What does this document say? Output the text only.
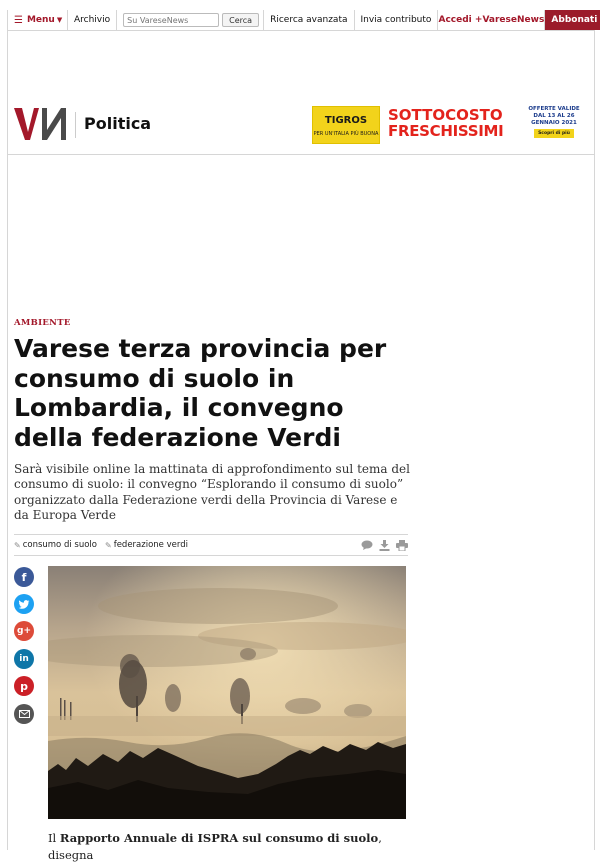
☰ Menu ▼	Archivio
Su VareseNews	Cerca	Ricerca avanzata	Invia contributo Accedi +VareseNews Abbonati
VN
Politica	TIGROS
PER UN'ITALIA PIÙ BUONA
SOTTOCOSTO
FRESCHISSIMI
OFFERTE VALIDE
DAL 13 AL 26
GENNAIO 2021
Scopri di più
AMBIENTE
Varese terza provincia per consumo di suolo in Lombardia, il convegno della federazione Verdi

Sarà visibile online la mattinata di approfondimento sul tema del consumo di suolo: il convegno “Esplorando il consumo di suolo” organizzato dalla Federazione verdi della Provincia di Varese e da Europa Verde

✎ consumo di suolo ✎ federazione verdi
f
g+
in
p

Il Rapporto Annuale di ISPRA sul consumo di suolo, disegna
